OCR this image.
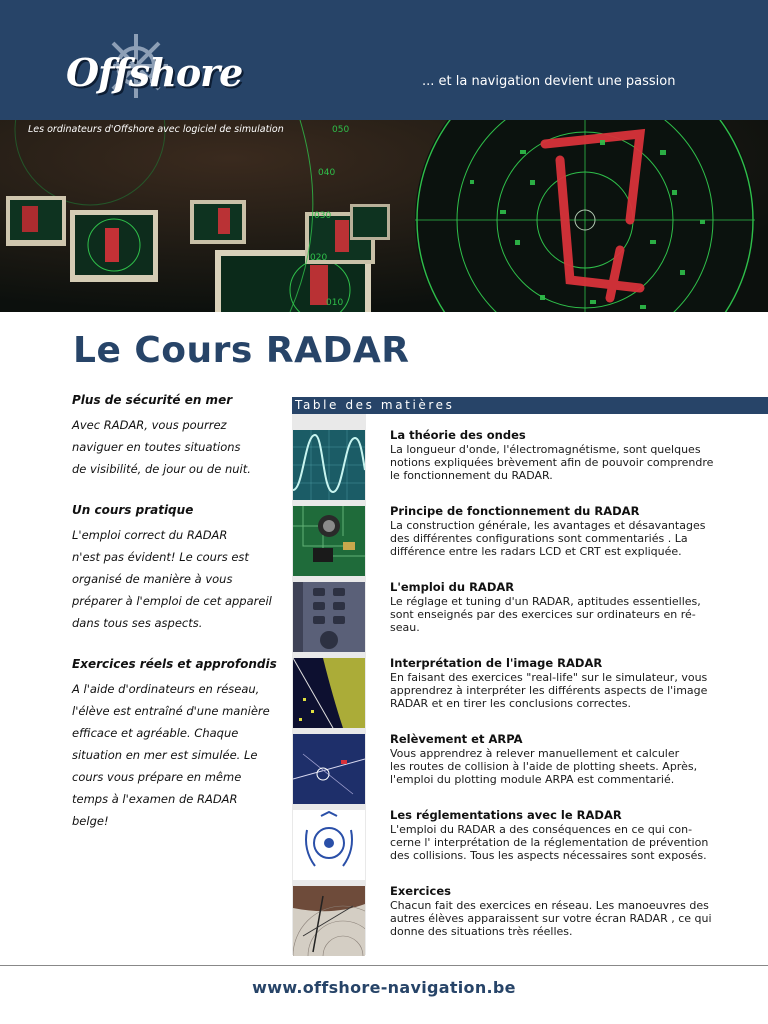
Offshore	... et la navigation devient une passion
050
040
030
020
010
Les ordinateurs d'Offshore avec logiciel de simulation
Le Cours RADAR
Plus de sécurité en mer
Avec RADAR, vous pourrez
naviguer en toutes situations
de visibilité, de jour ou de nuit.
Un cours pratique
L'emploi correct du RADAR
n'est pas évident! Le cours est
organisé de manière à vous
préparer à l'emploi de cet appareil
dans tous ses aspects.
Exercices réels et approfondis
A l'aide d'ordinateurs en réseau,
l'élève est entraîné d'une manière
efficace et agréable. Chaque
situation en mer est simulée. Le
cours vous prépare en même
temps à l'examen de RADAR
belge!
Table des matières
La théorie des ondes
La longueur d'onde, l'électromagnétisme, sont quelques
notions expliquées brèvement afin de pouvoir comprendre
le fonctionnement du RADAR.
Principe de fonctionnement du RADAR
La construction générale, les avantages et désavantages
des différentes configurations sont commentariés . La
différence entre les radars LCD et CRT est expliquée.
L'emploi du RADAR
Le réglage et tuning d'un RADAR, aptitudes essentielles,
sont enseignés par des exercices sur ordinateurs en ré-
seau.
Interprétation de l'image RADAR
En faisant des exercices "real-life" sur le simulateur, vous
apprendrez à interpréter les différents aspects de l'image
RADAR et en tirer les conclusions correctes.
Relèvement et ARPA
Vous apprendrez à relever manuellement et calculer
les routes de collision à l'aide de plotting sheets. Après,
l'emploi du plotting module ARPA est commentarié.
Les réglementations avec le RADAR
L'emploi du RADAR a des conséquences en ce qui con-
cerne l' interprétation de la réglementation de prévention
des collisions. Tous les aspects nécessaires sont exposés.
Exercices
Chacun fait des exercices en réseau. Les manoeuvres des
autres élèves apparaissent sur votre écran RADAR , ce qui
donne des situations très réelles.
www.offshore-navigation.be
